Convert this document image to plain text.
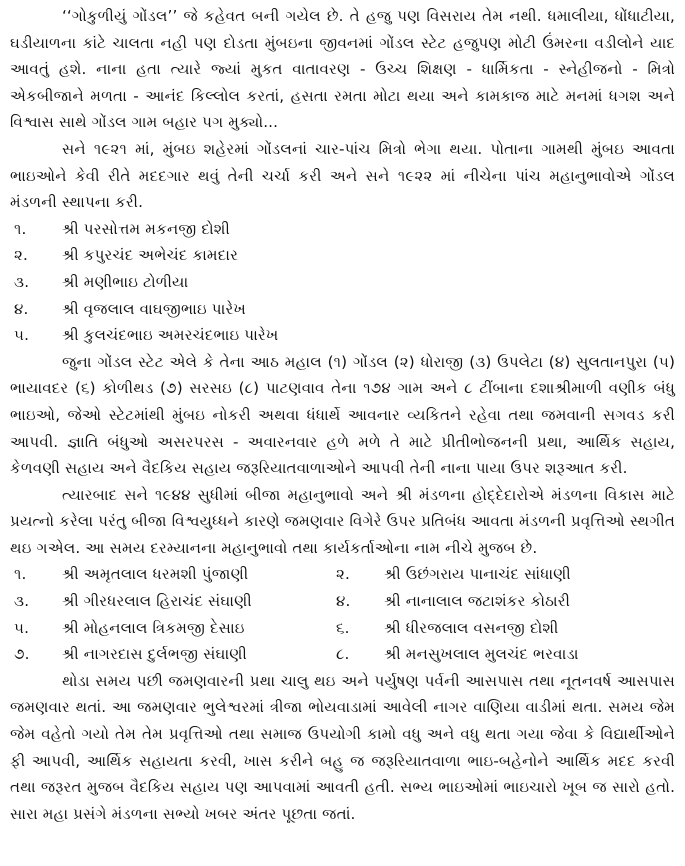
‘‘ગોકુળીયું ગોંડલ’’ જે કહેવત બની ગયેલ છે. તે હજુ પણ વિસરાય તેમ નથી. ધમાલીયા, ધોંધાટીયા, ઘડીયાળના કાંટે ચાલતા નહી પણ દોડતા મુંબઇના જીવનમાં ગોંડલ સ્ટેટ હજુપણ મોટી ઉંમરના વડીલોને યાદ આવતું હશે. નાના હતા ત્યારે જ્યાં મુકત વાતાવરણ - ઉચ્ચ શિક્ષણ - ધાર્મિકતા - સ્નેહીજનો - મિત્રો એકબીજાને મળતા - આનંદ કિલ્લોલ કરતાં, હસતા રમતા મોટા થયા અને કામકાજ માટે મનમાં ધગશ અને વિશ્વાસ સાથે ગોંડલ ગામ બહાર પગ મુક્યો...

સને ૧૯૨૧ માં, મુંબઇ શહેરમાં ગોંડલનાં ચાર-પાંચ મિત્રો ભેગા થયા. પોતાના ગામથી મુંબઇ આવતા ભાઇઓને કેવી રીતે મદદગાર થવું તેની ચર્ચા કરી અને સને ૧૯૨૨ માં નીચેના પાંચ મહાનુભાવોએ ગોંડલ મંડળની સ્થાપના કરી.

૧.	શ્રી પરસોત્તમ મકનજી દોશી
૨.	શ્રી કપુરચંદ અભેચંદ કામદાર
૩.	શ્રી મણીભાઇ ટોળીયા
૪.	શ્રી વૃજલાલ વાઘજીભાઇ પારેખ
૫.	શ્રી કુલચંદભાઇ અમરચંદભાઇ પારેખ

જુના ગોંડલ સ્ટેટ એલે કે તેના આઠ મહાલ (૧) ગોંડલ (૨) ધોરાજી (૩) ઉપલેટા (૪) સુલતાનપુરા (૫) ભાયાવદર (૬) કોળીથડ (૭) સરસઇ (૮) પાટણવાવ તેના ૧૭૪ ગામ અને ૮ ટીંબાના દશાશ્રીમાળી વણીક બંધુ ભાઇઓ, જેઓ સ્ટેટમાંથી મુંબઇ નોકરી અથવા ધંધાર્થે આવનાર વ્યકિતને રહેવા તથા જમવાની સગવડ કરી આપવી. જ્ઞાતિ બંધુઓ અસરપરસ - અવારનવાર હળે મળે તે માટે પ્રીતીભોજનની પ્રથા, આર્થિક સહાય, કેળવણી સહાય અને વૈદકિય સહાય જરૂરિયાતવાળાઓને આપવી તેની નાના પાયા ઉપર શરૂઆત કરી.

ત્યારબાદ સને ૧૯૪૪ સુધીમાં બીજા મહાનુભાવો અને શ્રી મંડળના હોદ્દેદારોએ મંડળના વિકાસ માટે પ્રયત્નો કરેલા પરંતુ બીજા વિશ્વયુધ્ધને કારણે જમણવાર વિગેરે ઉપર પ્રતિબંધ આવતા મંડળની પ્રવૃત્તિઓ સ્થગીત થઇ ગએલ. આ સમય દરમ્યાનના મહાનુભાવો તથા કાર્યકર્તાઓના નામ નીચે મુજબ છે.

૧.	શ્રી અમૃતલાલ ધરમશી પુંજાણી	૨.	શ્રી ઉછંગરાય પાનાચંદ સાંધાણી
૩.	શ્રી ગીરધરલાલ હિરાચંદ સંઘાણી	૪.	શ્રી નાનાલાલ જટાશંકર કોઠારી
૫.	શ્રી મોહનલાલ ત્રિકમજી દેસાઇ	૬.	શ્રી ધીરજલાલ વસનજી દોશી
૭.	શ્રી નાગરદાસ દુર્લભજી સંઘાણી	૮.	શ્રી મનસુખલાલ મુલચંદ ભરવાડા

થોડા સમય પછી જમણવારની પ્રથા ચાલુ થઇ અને પર્યુષણ પર્વની આસપાસ તથા નૂતનવર્ષ આસપાસ જમણવાર થતાં. આ જમણવાર ભુલેશ્વરમાં ત્રીજા ભોયવાડામાં આવેલી નાગર વાણિયા વાડીમાં થતા. સમય જેમ જેમ વહેતો ગયો તેમ તેમ પ્રવૃત્તિઓ તથા સમાજ ઉપયોગી કામો વધુ અને વધુ થતા ગયા જેવા કે વિદ્યાર્થીઓને ફી આપવી, આર્થિક સહાયતા કરવી, ખાસ કરીને બહુ જ જરૂરિયાતવાળા ભાઇ-બહેનોને આર્થિક મદદ કરવી તથા જરૂરત મુજબ વૈદકિય સહાય પણ આપવામાં આવતી હતી. સભ્ય ભાઇઓમાં ભાઇચારો ખૂબ જ સારો હતો. સારા મહા પ્રસંગે મંડળના સભ્યો ખબર અંતર પૂછતા જતાં.
